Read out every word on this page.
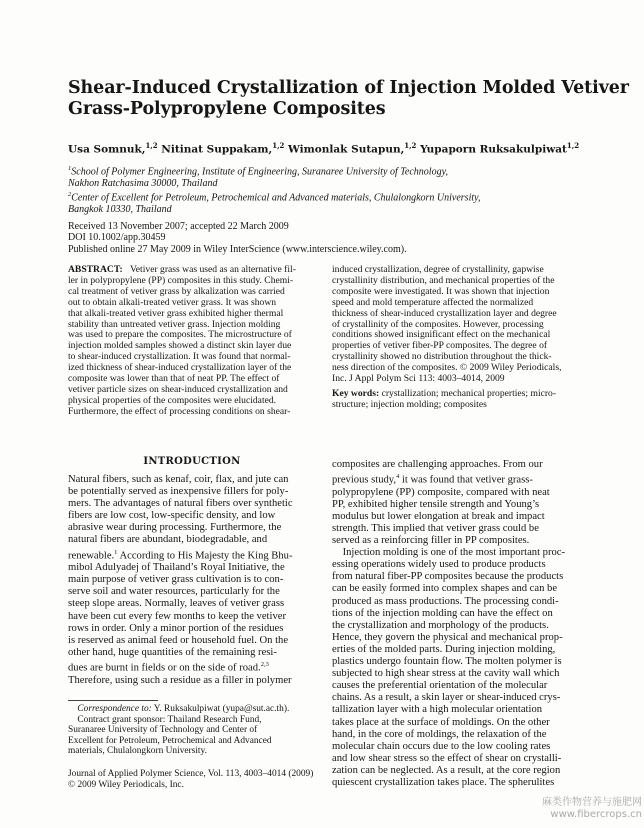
Shear-Induced Crystallization of Injection Molded Vetiver
Grass-Polypropylene Composites
Usa Somnuk,$^{1,2}$ Nitinat Suppakam,$^{1,2}$ Wimonlak Sutapun,$^{1,2}$ Yupaporn Ruksakulpiwat$^{1,2}$
$^1$School of Polymer Engineering, Institute of Engineering, Suranaree University of Technology,
Nakhon Ratchasima 30000, Thailand
$^2$Center of Excellent for Petroleum, Petrochemical and Advanced materials, Chulalongkorn University,
Bangkok 10330, Thailand
Received 13 November 2007; accepted 22 March 2009
DOI 10.1002/app.30459
Published online 27 May 2009 in Wiley InterScience (www.interscience.wiley.com).
ABSTRACT: Vetiver grass was used as an alternative fil-
ler in polypropylene (PP) composites in this study. Chemi-
cal treatment of vetiver grass by alkalization was carried
out to obtain alkali-treated vetiver grass. It was shown
that alkali-treated vetiver grass exhibited higher thermal
stability than untreated vetiver grass. Injection molding
was used to prepare the composites. The microstructure of
injection molded samples showed a distinct skin layer due
to shear-induced crystallization. It was found that normal-
ized thickness of shear-induced crystallization layer of the
composite was lower than that of neat PP. The effect of
vetiver particle sizes on shear-induced crystallization and
physical properties of the composites were elucidated.
Furthermore, the effect of processing conditions on shear-
induced crystallization, degree of crystallinity, gapwise
crystallinity distribution, and mechanical properties of the
composite were investigated. It was shown that injection
speed and mold temperature affected the normalized
thickness of shear-induced crystallization layer and degree
of crystallinity of the composites. However, processing
conditions showed insignificant effect on the mechanical
properties of vetiver fiber-PP composites. The degree of
crystallinity showed no distribution throughout the thick-
ness direction of the composites. © 2009 Wiley Periodicals,
Inc. J Appl Polym Sci 113: 4003–4014, 2009
Key words: crystallization; mechanical properties; micro-
structure; injection molding; composites
INTRODUCTION
Natural fibers, such as kenaf, coir, flax, and jute can
be potentially served as inexpensive fillers for poly-
mers. The advantages of natural fibers over synthetic
fibers are low cost, low-specific density, and low
abrasive wear during processing. Furthermore, the
natural fibers are abundant, biodegradable, and
renewable.$^1$ According to His Majesty the King Bhu-
mibol Adulyadej of Thailand’s Royal Initiative, the
main purpose of vetiver grass cultivation is to con-
serve soil and water resources, particularly for the
steep slope areas. Normally, leaves of vetiver grass
have been cut every few months to keep the vetiver
rows in order. Only a minor portion of the residues
is reserved as animal feed or household fuel. On the
other hand, huge quantities of the remaining resi-
dues are burnt in fields or on the side of road.$^{2,3}$
Therefore, using such a residue as a filler in polymer
composites are challenging approaches. From our
previous study,$^4$ it was found that vetiver grass-
polypropylene (PP) composite, compared with neat
PP, exhibited higher tensile strength and Young’s
modulus but lower elongation at break and impact
strength. This implied that vetiver grass could be
served as a reinforcing filler in PP composites.
Injection molding is one of the most important proc-
essing operations widely used to produce products
from natural fiber-PP composites because the products
can be easily formed into complex shapes and can be
produced as mass productions. The processing condi-
tions of the injection molding can have the effect on
the crystallization and morphology of the products.
Hence, they govern the physical and mechanical prop-
erties of the molded parts. During injection molding,
plastics undergo fountain flow. The molten polymer is
subjected to high shear stress at the cavity wall which
causes the preferential orientation of the molecular
chains. As a result, a skin layer or shear-induced crys-
tallization layer with a high molecular orientation
takes place at the surface of moldings. On the other
hand, in the core of moldings, the relaxation of the
molecular chain occurs due to the low cooling rates
and low shear stress so the effect of shear on crystalli-
zation can be neglected. As a result, at the core region
quiescent crystallization takes place. The spherulites
Correspondence to: Y. Ruksakulpiwat (yupa@sut.ac.th).
Contract grant sponsor: Thailand Research Fund,
Suranaree University of Technology and Center of
Excellent for Petroleum, Petrochemical and Advanced
materials, Chulalongkorn University.
Journal of Applied Polymer Science, Vol. 113, 4003–4014 (2009)
© 2009 Wiley Periodicals, Inc.
麻类作物营养与施肥网
www.fibercrops.cn
